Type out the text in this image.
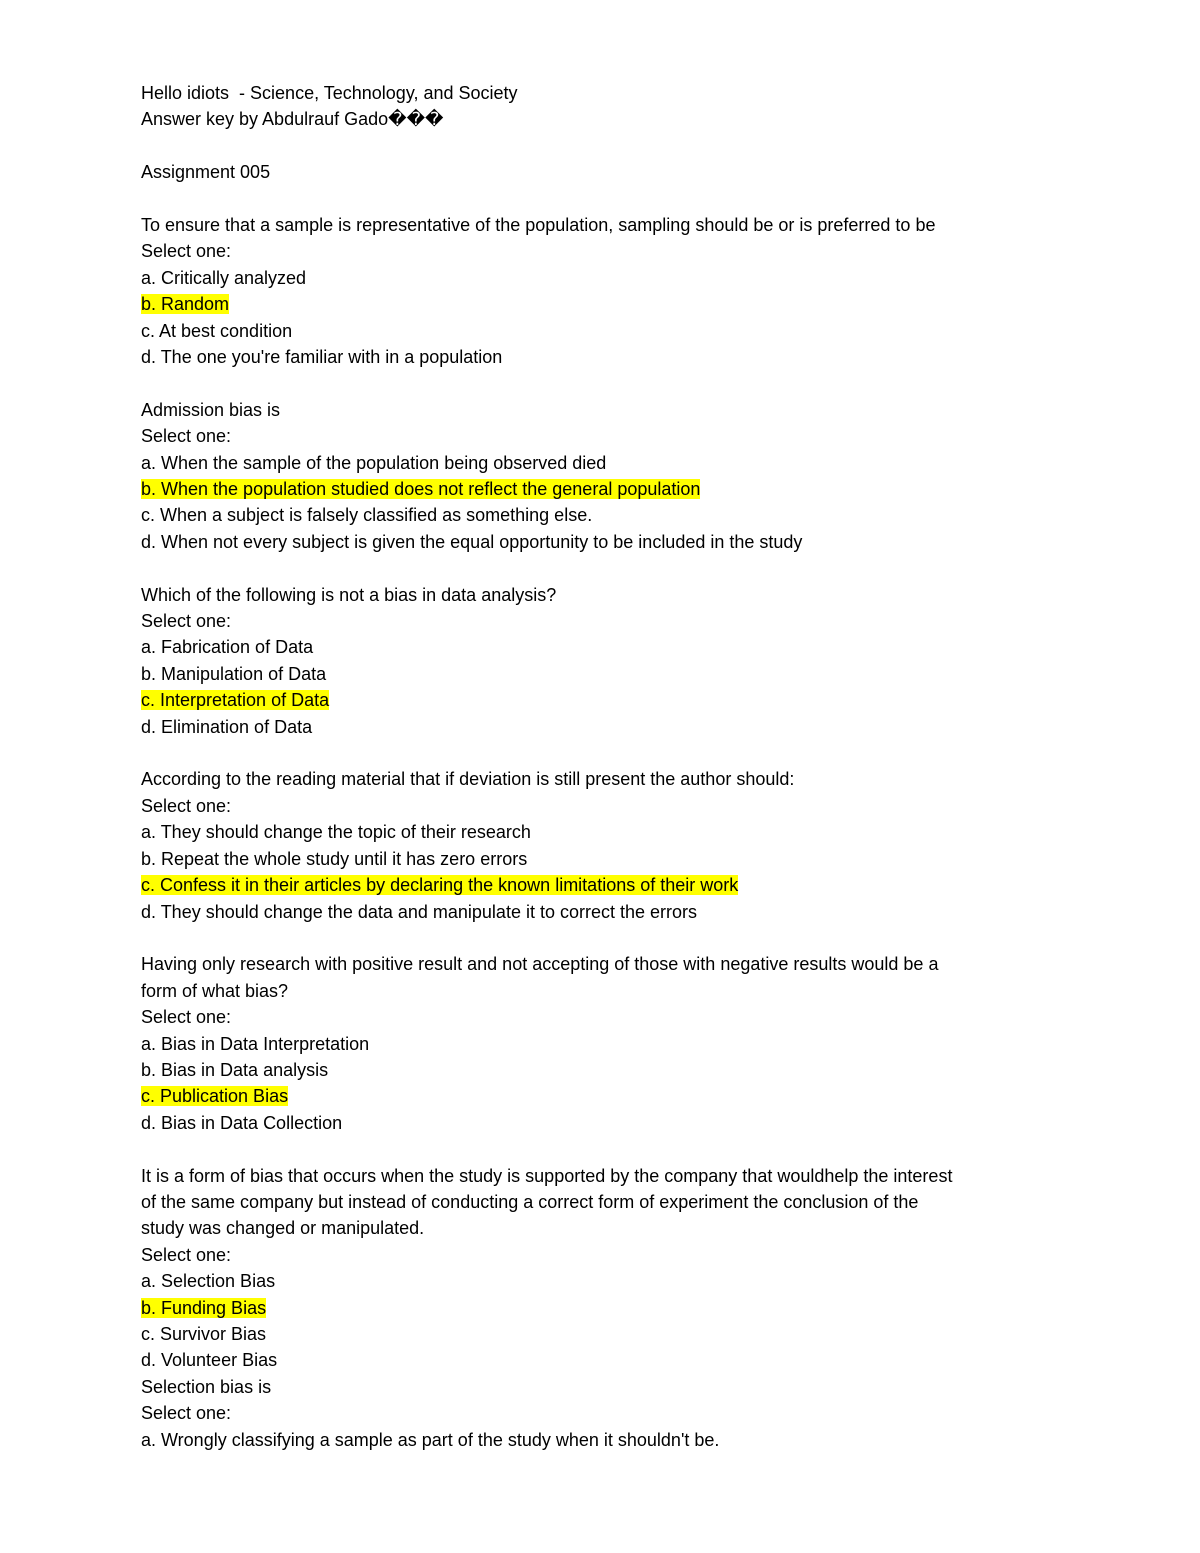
Hello idiots  - Science, Technology, and Society
Answer key by Abdulrauf Gado���
Assignment 005
To ensure that a sample is representative of the population, sampling should be or is preferred to be
Select one:
a. Critically analyzed
b. Random
c. At best condition
d. The one you're familiar with in a population
Admission bias is
Select one:
a. When the sample of the population being observed died
b. When the population studied does not reflect the general population
c. When a subject is falsely classified as something else.
d. When not every subject is given the equal opportunity to be included in the study
Which of the following is not a bias in data analysis?
Select one:
a. Fabrication of Data
b. Manipulation of Data
c. Interpretation of Data
d. Elimination of Data
According to the reading material that if deviation is still present the author should:
Select one:
a. They should change the topic of their research
b. Repeat the whole study until it has zero errors
c. Confess it in their articles by declaring the known limitations of their work
d. They should change the data and manipulate it to correct the errors
Having only research with positive result and not accepting of those with negative results would be a
form of what bias?
Select one:
a. Bias in Data Interpretation
b. Bias in Data analysis
c. Publication Bias
d. Bias in Data Collection
It is a form of bias that occurs when the study is supported by the company that wouldhelp the interest
of the same company but instead of conducting a correct form of experiment the conclusion of the
study was changed or manipulated.
Select one:
a. Selection Bias
b. Funding Bias
c. Survivor Bias
d. Volunteer Bias
Selection bias is
Select one:
a. Wrongly classifying a sample as part of the study when it shouldn't be.
